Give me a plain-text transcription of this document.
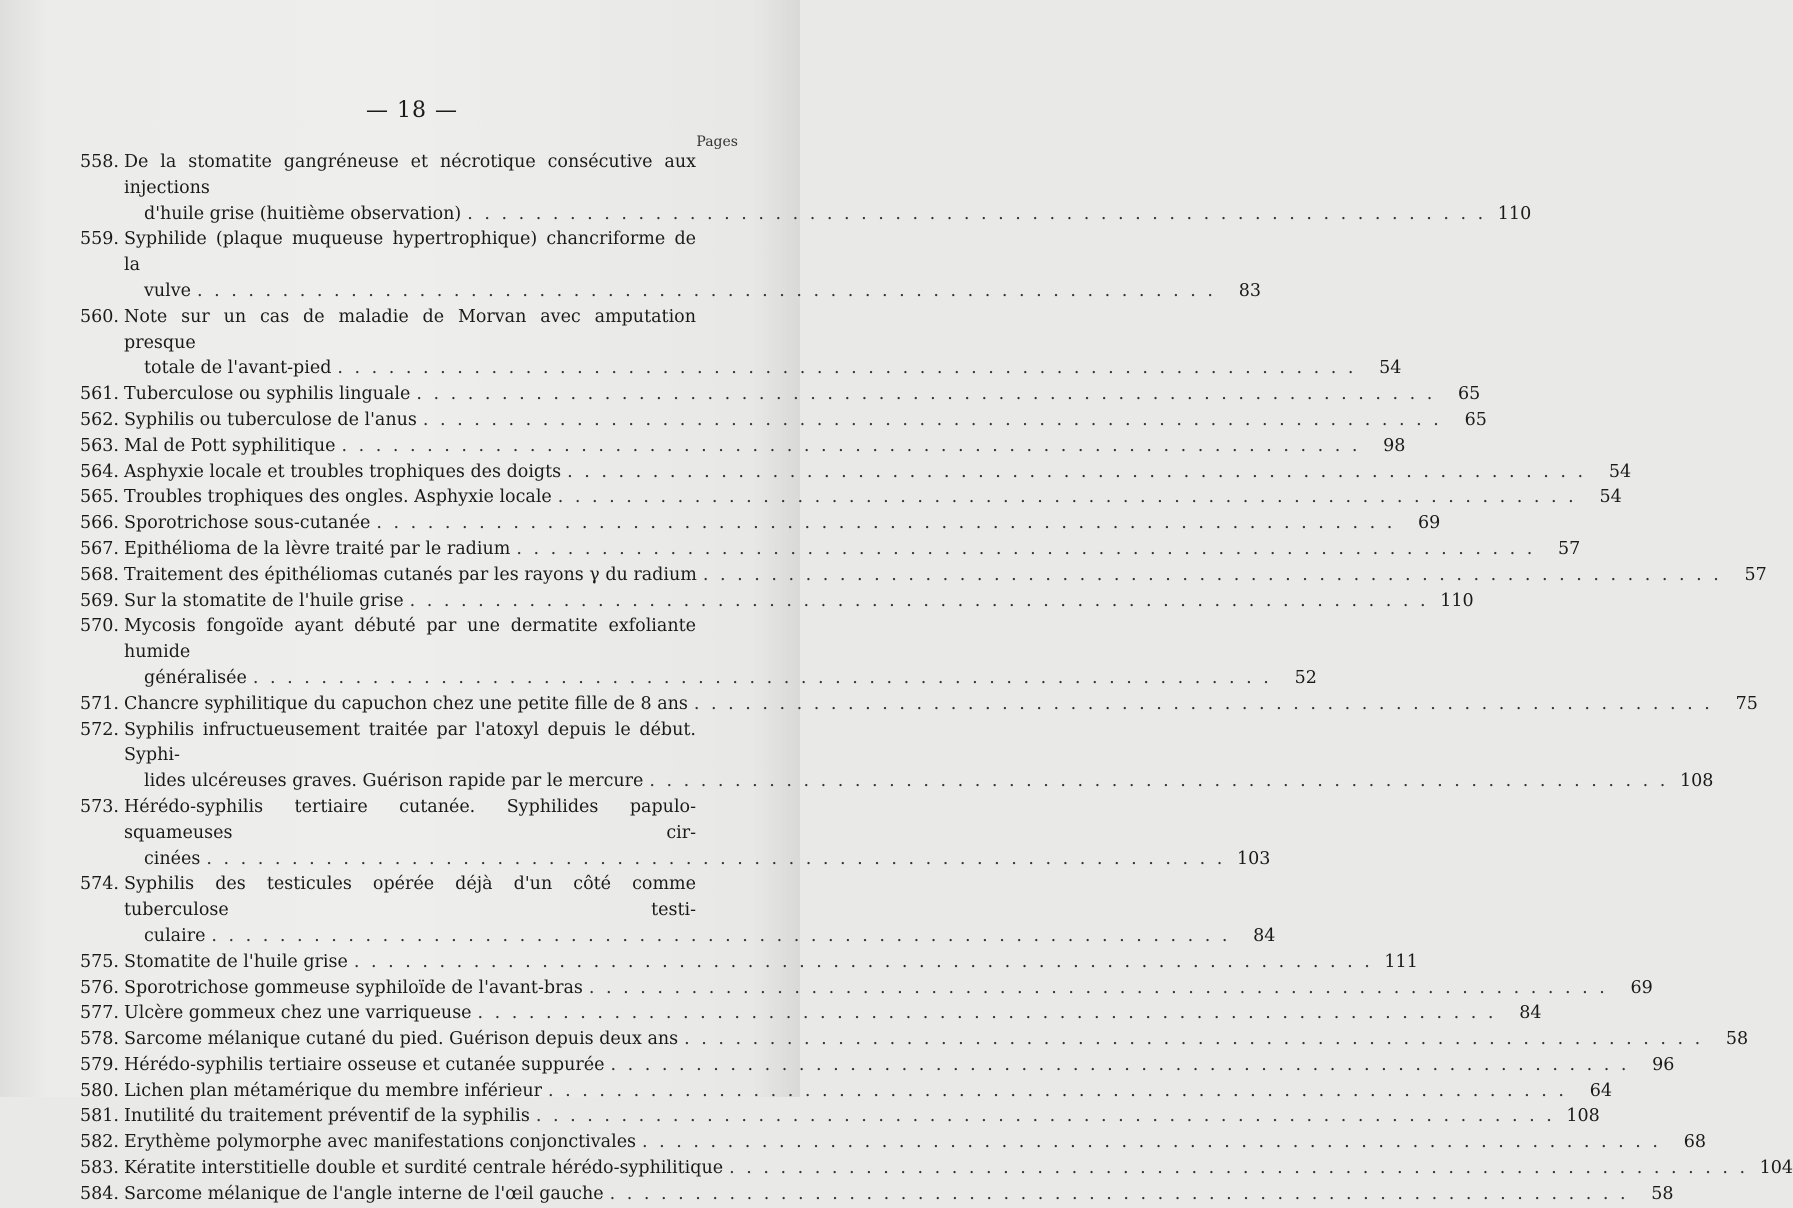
— 18 —
Pages
558. De la stomatite gangréneuse et nécrotique consécutive aux injections
d'huile grise (huitième observation) . . .	110
559. Syphilide (plaque muqueuse hypertrophique) chancriforme de la
vulve . . .	83
560. Note sur un cas de maladie de Morvan avec amputation presque
totale de l'avant-pied . . .	54
561. Tuberculose ou syphilis linguale . . .	65
562. Syphilis ou tuberculose de l'anus . . .	65
563. Mal de Pott syphilitique . . .	98
564. Asphyxie locale et troubles trophiques des doigts . . .	54
565. Troubles trophiques des ongles. Asphyxie locale . . .	54
566. Sporotrichose sous-cutanée . . .	69
567. Epithélioma de la lèvre traité par le radium . . .	57
568. Traitement des épithéliomas cutanés par les rayons γ du radium . . .	57
569. Sur la stomatite de l'huile grise . . .	110
570. Mycosis fongoïde ayant débuté par une dermatite exfoliante humide
généralisée . . .	52
571. Chancre syphilitique du capuchon chez une petite fille de 8 ans . . .	75
572. Syphilis infructueusement traitée par l'atoxyl depuis le début. Syphi-
lides ulcéreuses graves. Guérison rapide par le mercure . . .	108
573. Hérédo-syphilis tertiaire cutanée. Syphilides papulo-squameuses cir-
cinées . . .	103
574. Syphilis des testicules opérée déjà d'un côté comme tuberculose testi-
culaire . . .	84
575. Stomatite de l'huile grise . . .	111
576. Sporotrichose gommeuse syphiloïde de l'avant-bras . . .	69
577. Ulcère gommeux chez une varriqueuse . . .	84
578. Sarcome mélanique cutané du pied. Guérison depuis deux ans . . .	58
579. Hérédo-syphilis tertiaire osseuse et cutanée suppurée . . .	96
580. Lichen plan métamérique du membre inférieur . . .	64
581. Inutilité du traitement préventif de la syphilis . . .	108
582. Erythème polymorphe avec manifestations conjonctivales . . .	68
583. Kératite interstitielle double et surdité centrale hérédo-syphilitique . . .	104
584. Sarcome mélanique de l'angle interne de l'œil gauche . . .	58
